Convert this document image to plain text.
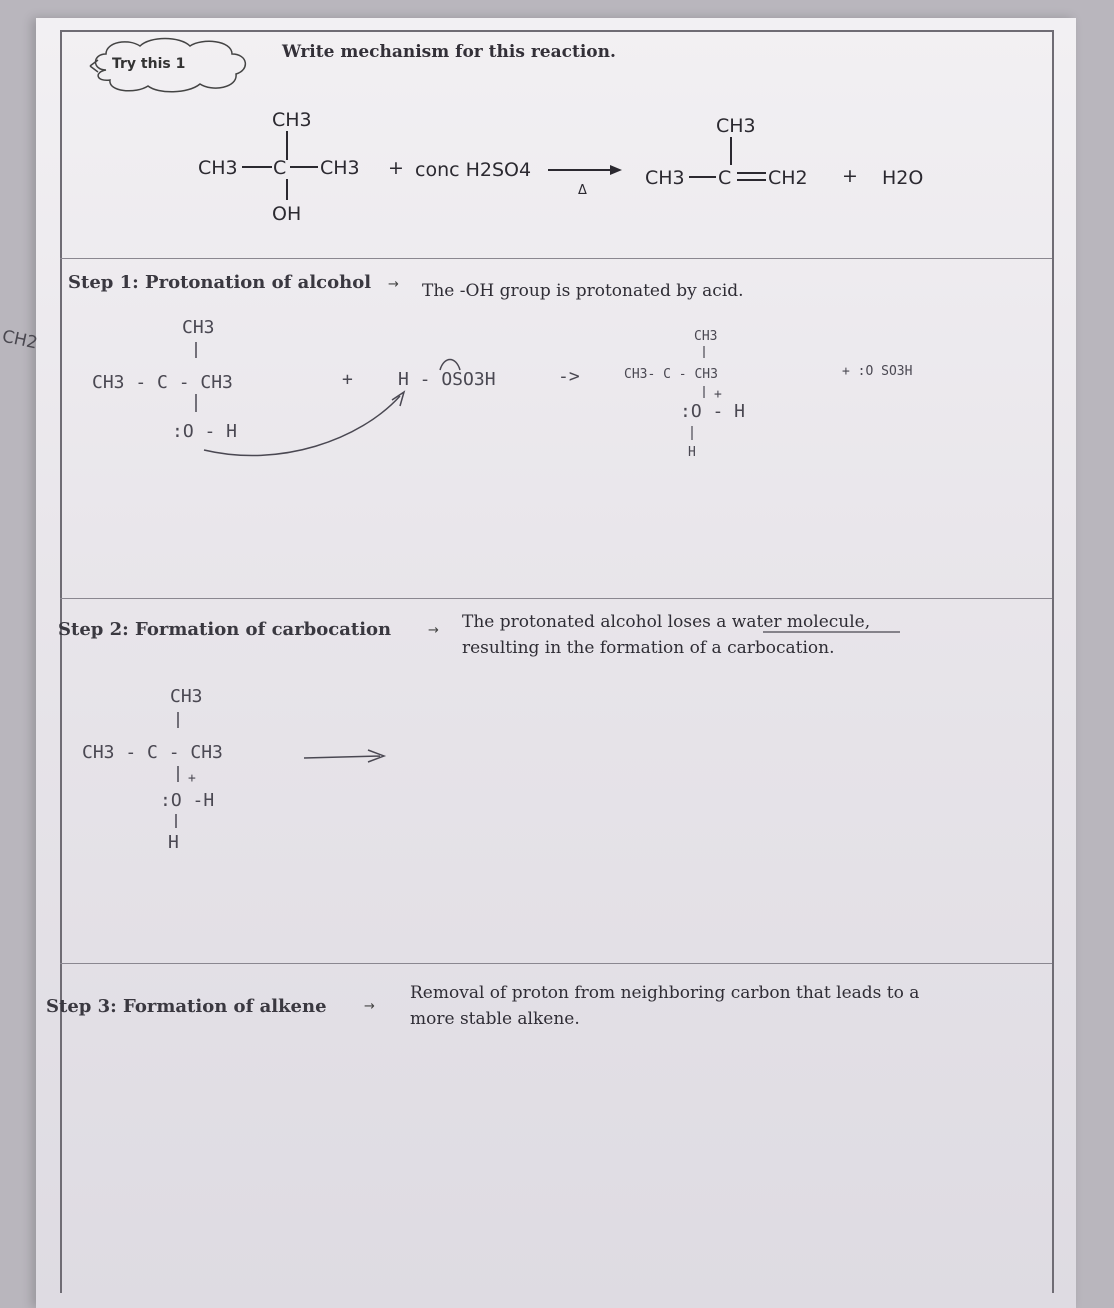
CH2
Try this 1
Write mechanism for this reaction.
CH3
CH3 C CH3
OH
+ conc H2SO4
Δ
CH3
CH3 C CH2 + H2O
Step 1: Protonation of alcohol → The -OH group is protonated by acid.
CH3
CH3 - C - CH3
:O - H
+	H - OSO3H	->
CH3
CH3- C - CH3
+
:O - H
H
+ :O SO3H
Step 2: Formation of carbocation	→ The protonated alcohol loses a water molecule,
resulting in the formation of a carbocation.
CH3
CH3 - C - CH3
+
:O -H
H
Step 3: Formation of alkene	→
Removal of proton from neighboring carbon that leads to a
more stable alkene.
